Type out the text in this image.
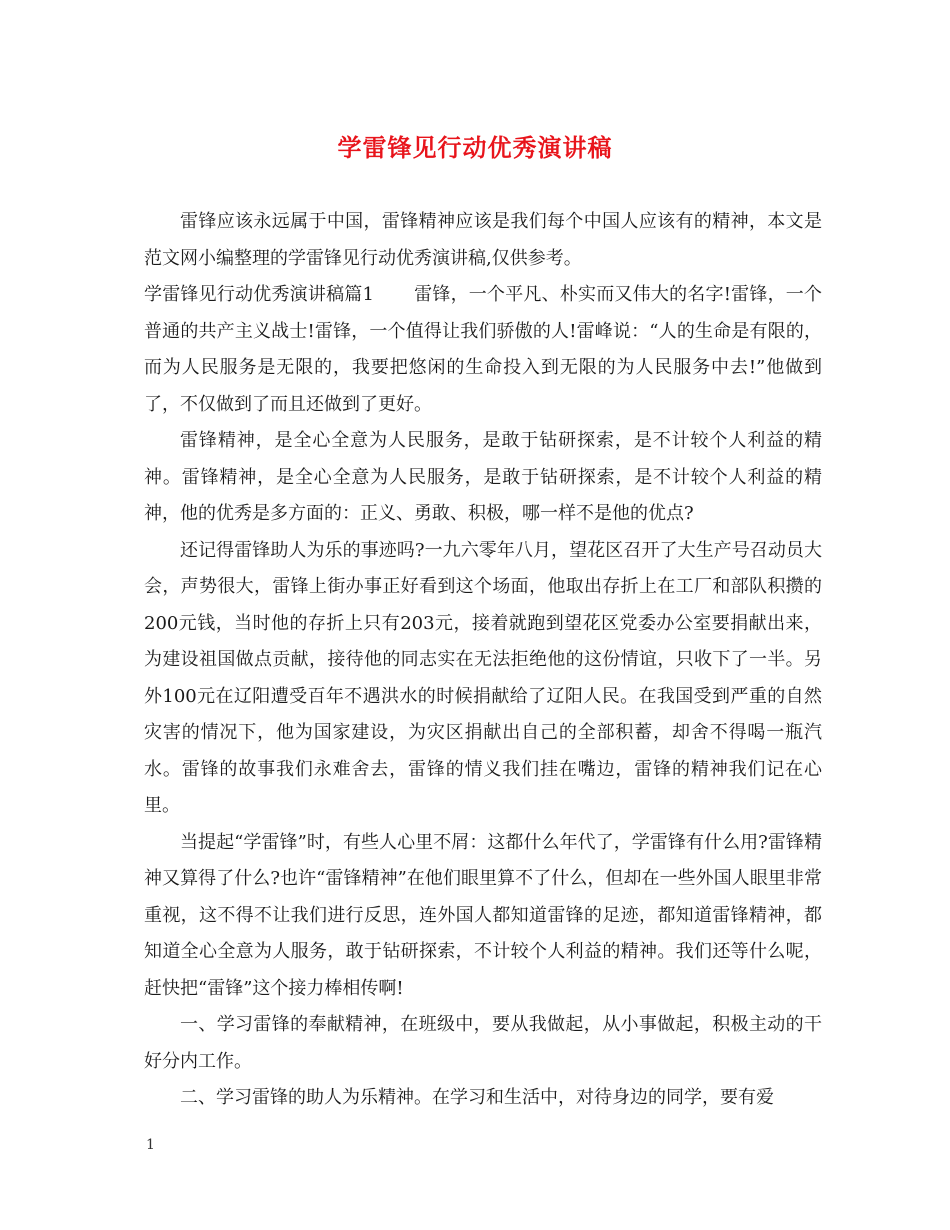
学雷锋见行动优秀演讲稿

雷锋应该永远属于中国，雷锋精神应该是我们每个中国人应该有的精神，本文是范文网小编整理的学雷锋见行动优秀演讲稿,仅供参考。

学雷锋见行动优秀演讲稿篇1 雷锋，一个平凡、朴实而又伟大的名字!雷锋，一个普通的共产主义战士!雷锋，一个值得让我们骄傲的人!雷峰说：“人的生命是有限的，而为人民服务是无限的，我要把悠闲的生命投入到无限的为人民服务中去!”他做到了，不仅做到了而且还做到了更好。

雷锋精神，是全心全意为人民服务，是敢于钻研探索，是不计较个人利益的精神。雷锋精神，是全心全意为人民服务，是敢于钻研探索，是不计较个人利益的精神，他的优秀是多方面的：正义、勇敢、积极，哪一样不是他的优点?

还记得雷锋助人为乐的事迹吗?一九六零年八月，望花区召开了大生产号召动员大会，声势很大，雷锋上街办事正好看到这个场面，他取出存折上在工厂和部队积攒的200元钱，当时他的存折上只有203元，接着就跑到望花区党委办公室要捐献出来，为建设祖国做点贡献，接待他的同志实在无法拒绝他的这份情谊，只收下了一半。另外100元在辽阳遭受百年不遇洪水的时候捐献给了辽阳人民。在我国受到严重的自然灾害的情况下，他为国家建设，为灾区捐献出自己的全部积蓄，却舍不得喝一瓶汽水。雷锋的故事我们永难舍去，雷锋的情义我们挂在嘴边，雷锋的精神我们记在心里。

当提起“学雷锋”时，有些人心里不屑：这都什么年代了，学雷锋有什么用?雷锋精神又算得了什么?也许“雷锋精神”在他们眼里算不了什么，但却在一些外国人眼里非常重视，这不得不让我们进行反思，连外国人都知道雷锋的足迹，都知道雷锋精神，都知道全心全意为人服务，敢于钻研探索，不计较个人利益的精神。我们还等什么呢，赶快把“雷锋”这个接力棒相传啊!

一、学习雷锋的奉献精神，在班级中，要从我做起，从小事做起，积极主动的干好分内工作。

二、学习雷锋的助人为乐精神。在学习和生活中，对待身边的同学，要有爱

1
